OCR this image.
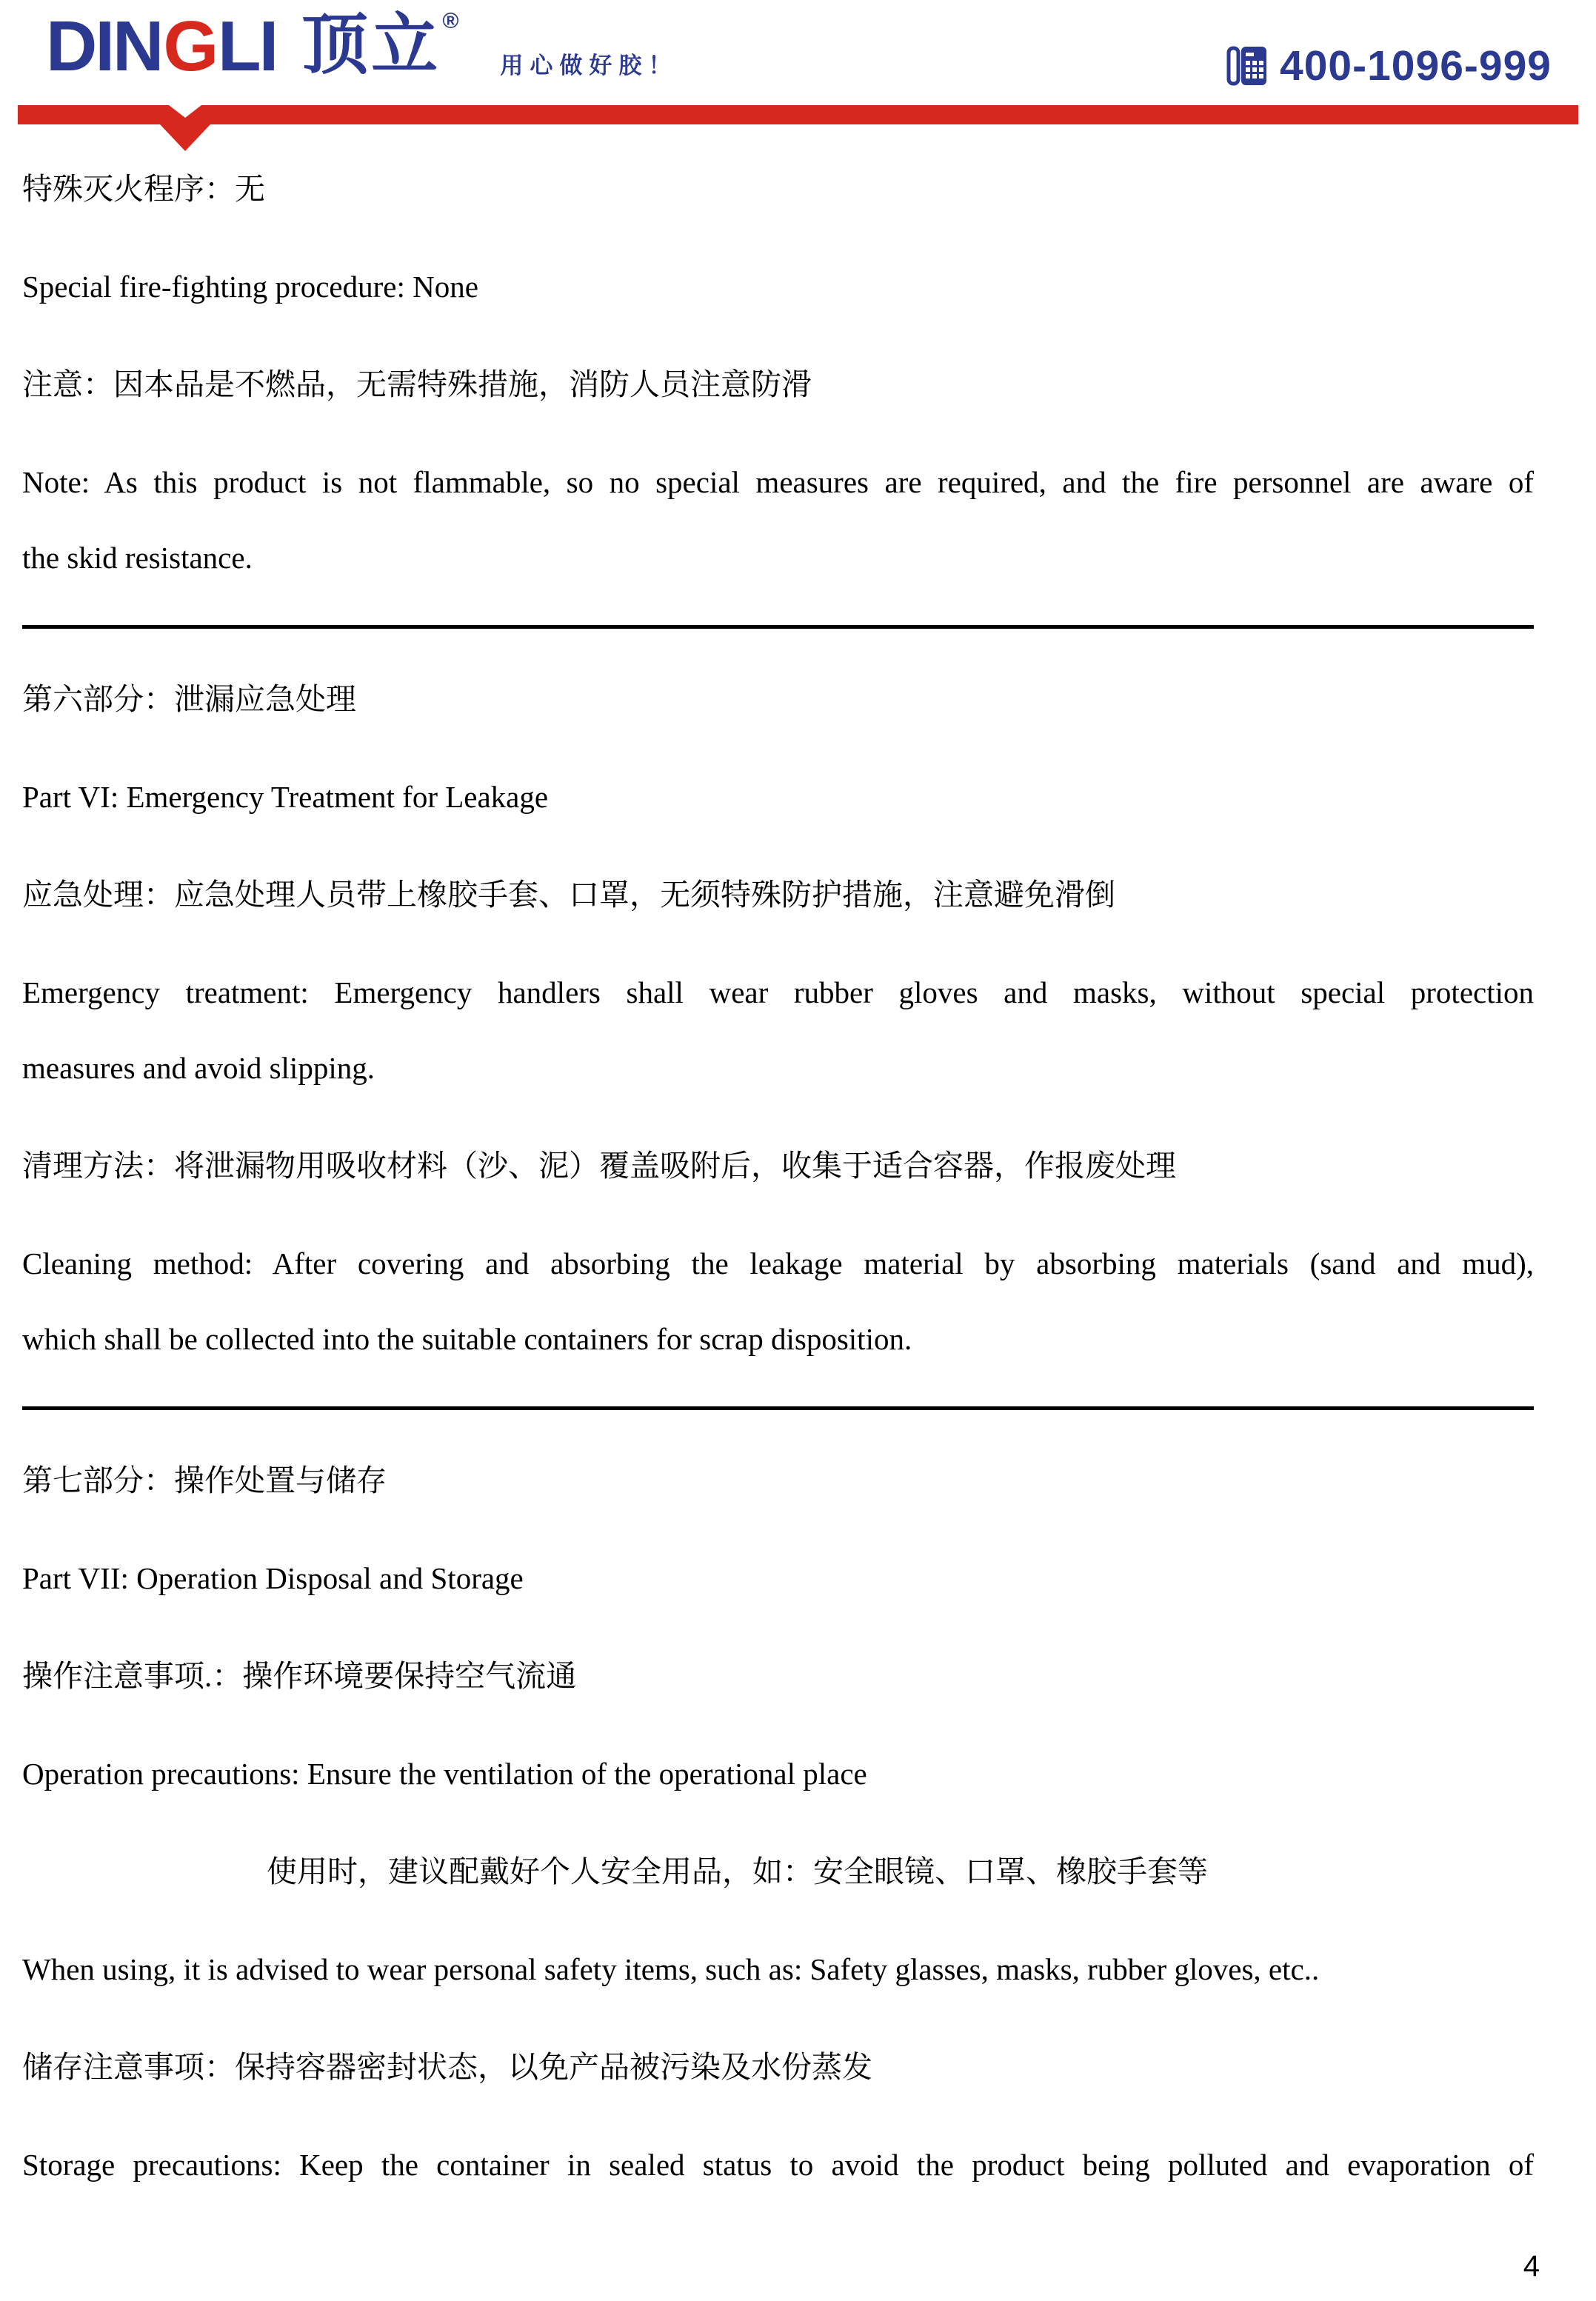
DIN G LI 顶立 ®
用心做好胶！	400-1096-999
特殊灭火程序：无
Special fire-fighting procedure: None
注意：因本品是不燃品，无需特殊措施，消防人员注意防滑
Note: As this product is not flammable, so no special measures are required, and the fire personnel are aware of
the skid resistance.
第六部分：泄漏应急处理
Part VI: Emergency Treatment for Leakage
应急处理：应急处理人员带上橡胶手套、口罩，无须特殊防护措施，注意避免滑倒
Emergency treatment: Emergency handlers shall wear rubber gloves and masks, without special protection
measures and avoid slipping.
清理方法：将泄漏物用吸收材料（沙、泥）覆盖吸附后，收集于适合容器，作报废处理
Cleaning method: After covering and absorbing the leakage material by absorbing materials (sand and mud),
which shall be collected into the suitable containers for scrap disposition.
第七部分：操作处置与储存
Part VII: Operation Disposal and Storage
操作注意事项.：操作环境要保持空气流通
Operation precautions: Ensure the ventilation of the operational place
使用时，建议配戴好个人安全用品，如：安全眼镜、口罩、橡胶手套等
When using, it is advised to wear personal safety items, such as: Safety glasses, masks, rubber gloves, etc..
储存注意事项：保持容器密封状态，以免产品被污染及水份蒸发
Storage precautions: Keep the container in sealed status to avoid the product being polluted and evaporation of
4
